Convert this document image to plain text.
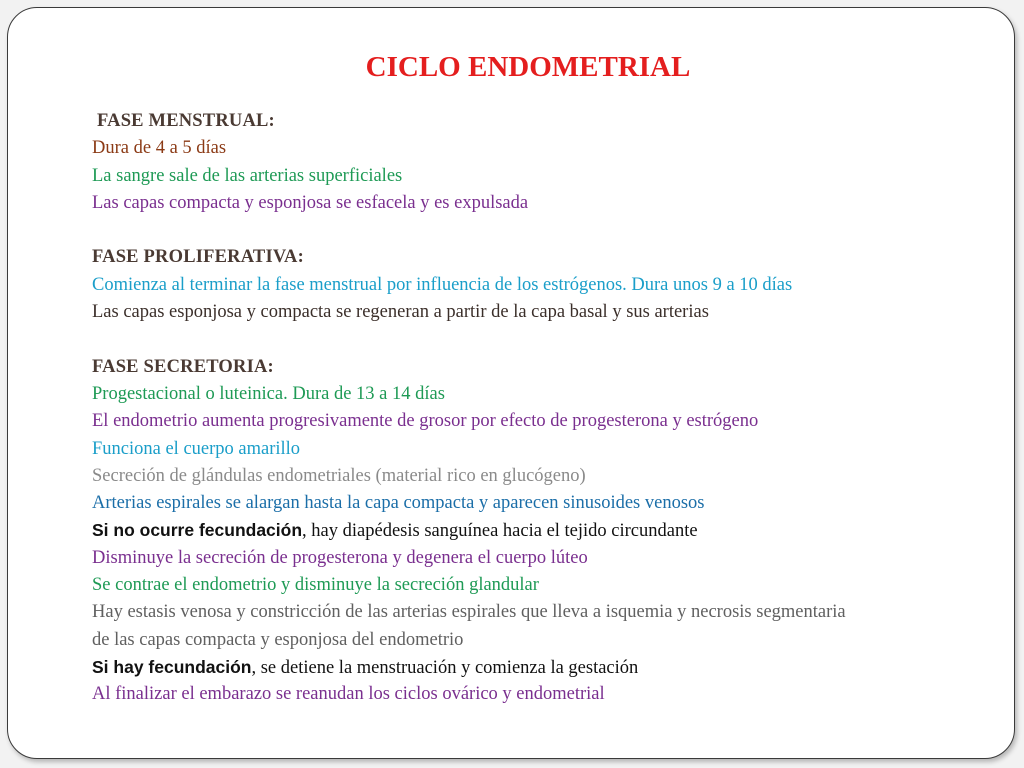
CICLO ENDOMETRIAL
FASE MENSTRUAL:
Dura de 4 a 5 días
La sangre sale de las arterias superficiales
Las capas compacta y esponjosa se esfacela y es expulsada
FASE PROLIFERATIVA:
Comienza al terminar la fase menstrual por influencia de los estrógenos. Dura unos 9 a 10 días
Las capas esponjosa y compacta se regeneran a partir de la capa basal y sus arterias
FASE SECRETORIA:
Progestacional o luteinica. Dura de 13 a 14 días
El endometrio aumenta progresivamente de grosor por efecto de progesterona y estrógeno
Funciona el cuerpo amarillo
Secreción de glándulas endometriales (material rico en glucógeno)
Arterias espirales se alargan hasta la capa compacta y aparecen sinusoides venosos
Si no ocurre fecundación, hay diapédesis sanguínea hacia el tejido circundante
Disminuye la secreción de progesterona y degenera el cuerpo lúteo
Se contrae el endometrio y disminuye la secreción glandular
Hay estasis venosa y constricción de las arterias espirales que lleva a isquemia y necrosis segmentaria
de las capas compacta y esponjosa del endometrio
Si hay fecundación, se detiene la menstruación y comienza la gestación
Al finalizar el embarazo se reanudan los ciclos ovárico y endometrial
